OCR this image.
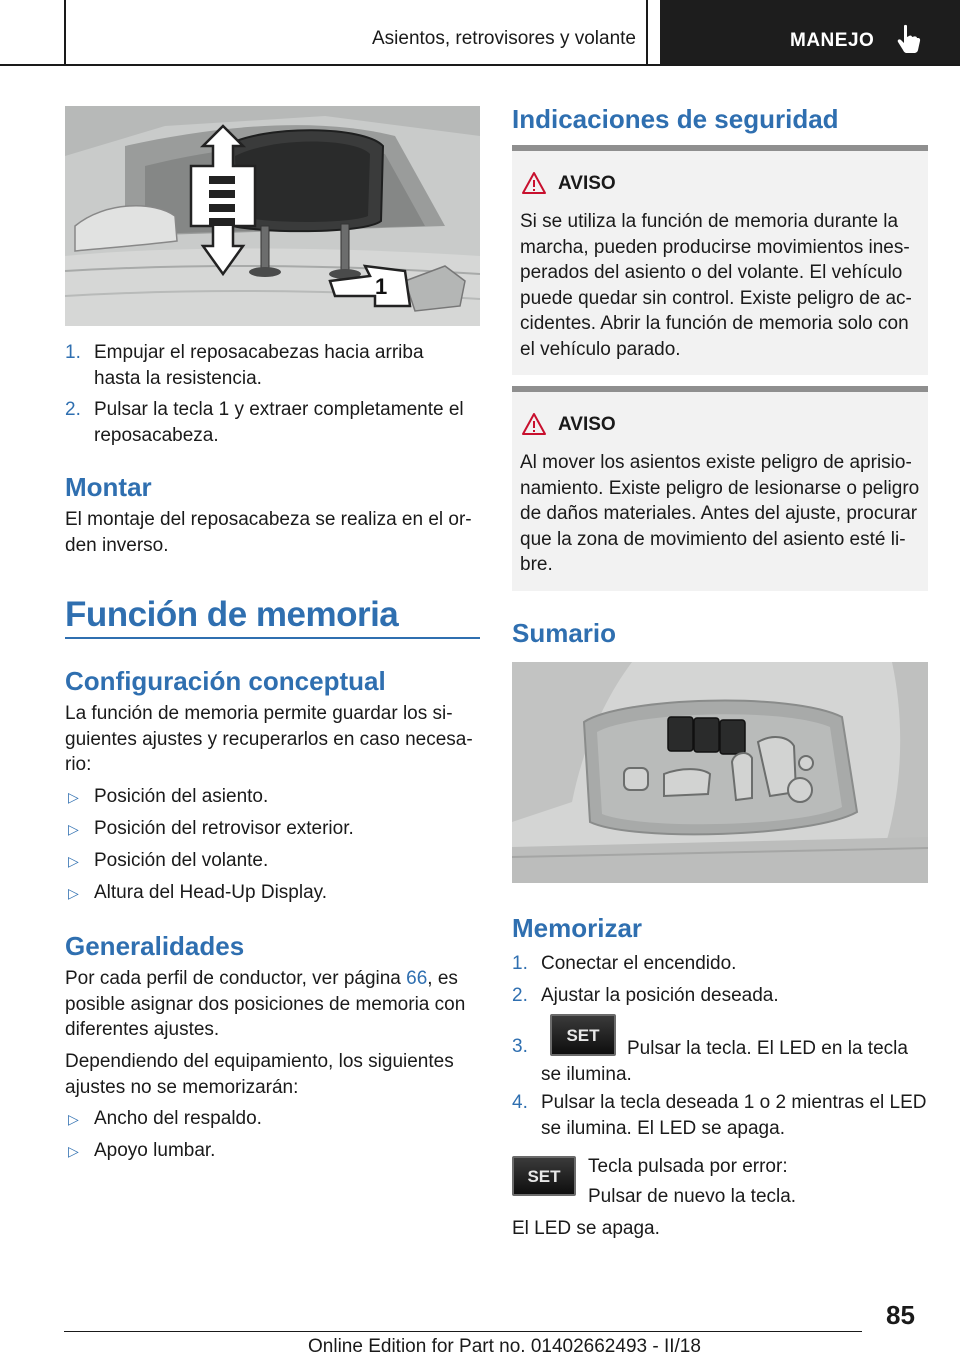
Asientos, retrovisores y volante	MANEJO
1
1. Empujar el reposacabezas hacia arriba hasta la resistencia.
2. Pulsar la tecla 1 y extraer completamente el reposacabeza.
Montar
El montaje del reposacabeza se realiza en el orden inverso.
Función de memoria
Configuración conceptual
La función de memoria permite guardar los siguientes ajustes y recuperarlos en caso necesario:
▷ Posición del asiento.
▷ Posición del retrovisor exterior.
▷ Posición del volante.
▷ Altura del Head-Up Display.
Generalidades
Por cada perfil de conductor, ver página 66, es posible asignar dos posiciones de memoria con diferentes ajustes.
Dependiendo del equipamiento, los siguientes ajustes no se memorizarán:
▷ Ancho del respaldo.
▷ Apoyo lumbar.
Indicaciones de seguridad
AVISO
Si se utiliza la función de memoria durante la marcha, pueden producirse movimientos inesperados del asiento o del volante. El vehículo puede quedar sin control. Existe peligro de accidentes. Abrir la función de memoria solo con el vehículo parado.
AVISO
Al mover los asientos existe peligro de aprisionamiento. Existe peligro de lesionarse o peligro de daños materiales. Antes del ajuste, procurar que la zona de movimiento del asiento esté libre.
Sumario
Memorizar
1. Conectar el encendido.
2. Ajustar la posición deseada.
3.
SET
Pulsar la tecla. El LED en la tecla se ilumina.
4. Pulsar la tecla deseada 1 o 2 mientras el LED se ilumina. El LED se apaga.
SET	Tecla pulsada por error:
Pulsar de nuevo la tecla.
El LED se apaga.
85
Online Edition for Part no. 01402662493 - II/18
